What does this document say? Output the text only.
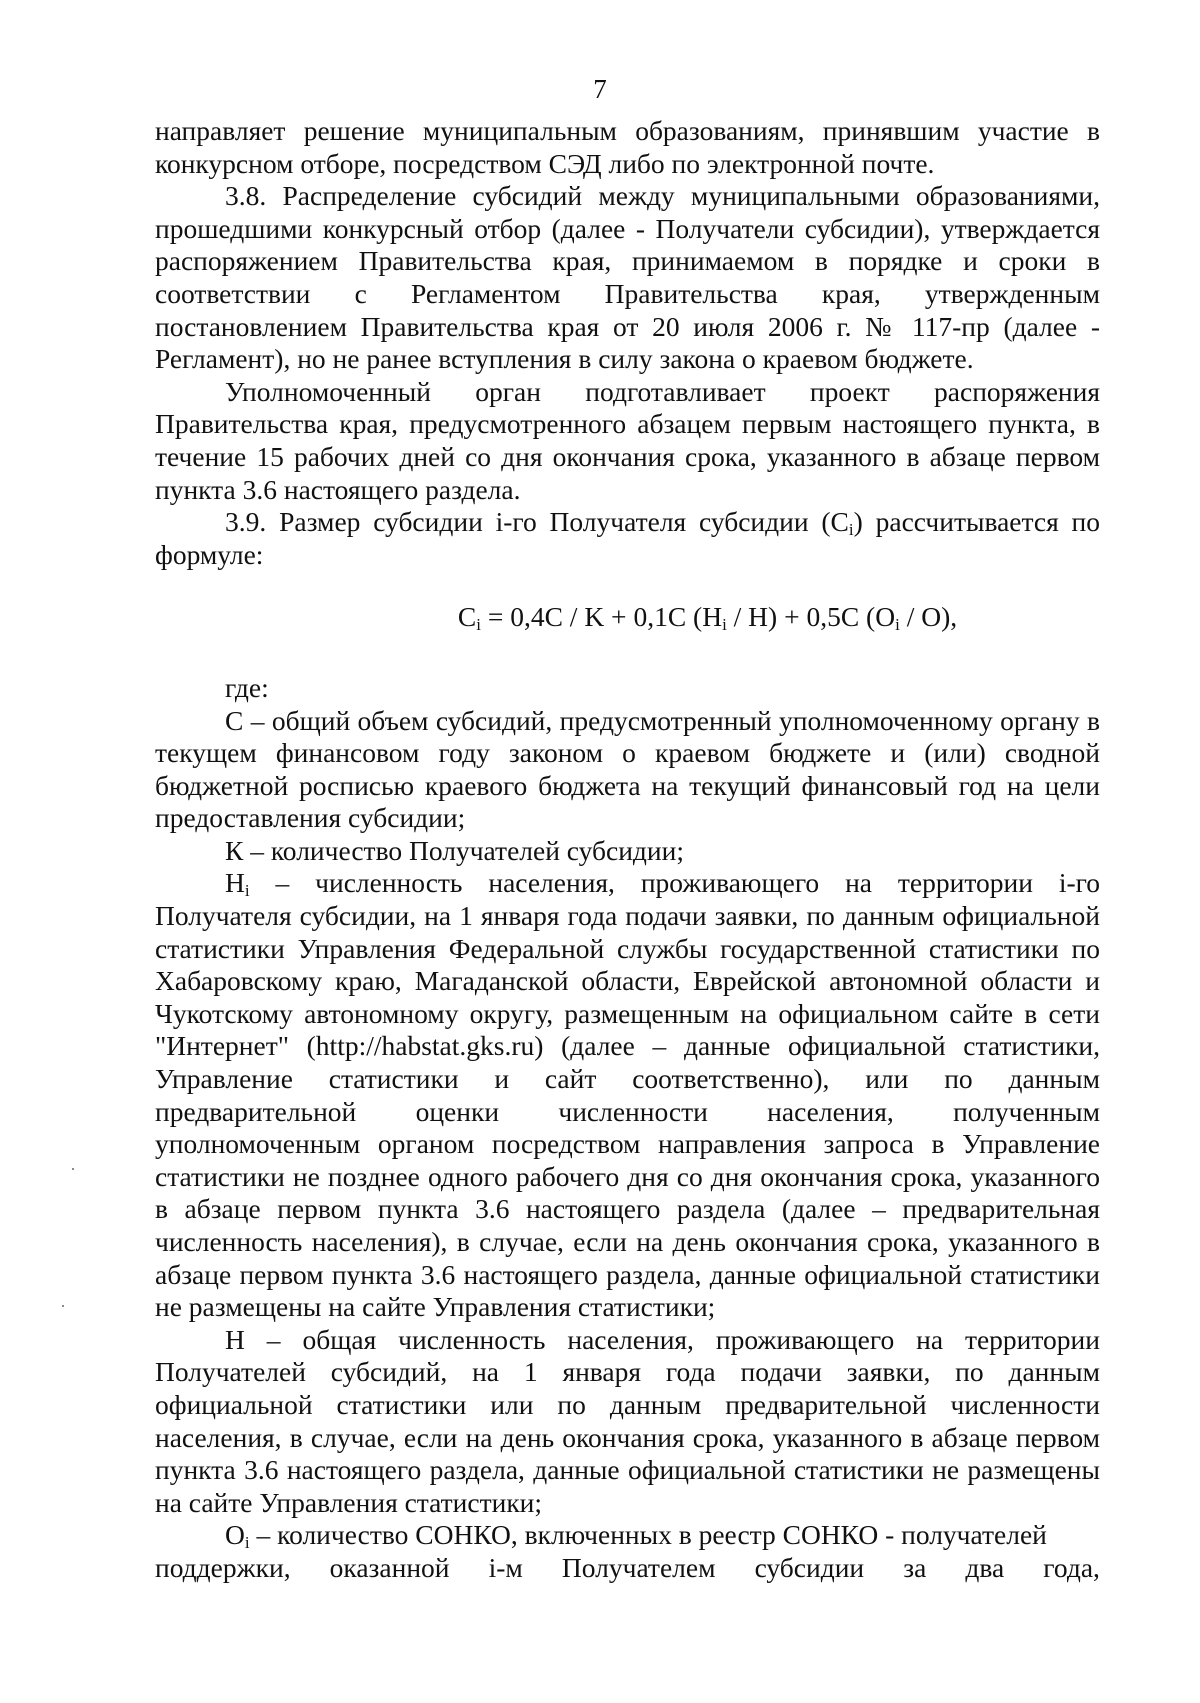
7

направляет решение муниципальным образованиям, принявшим участие в конкурсном отборе, посредством СЭД либо по электронной почте.

3.8. Распределение субсидий между муниципальными образованиями, прошедшими конкурсный отбор (далее - Получатели субсидии), утверждается распоряжением Правительства края, принимаемом в порядке и сроки в соответствии с Регламентом Правительства края, утвержденным постановлением Правительства края от 20 июля 2006 г. № 117-пр (далее - Регламент), но не ранее вступления в силу закона о краевом бюджете.

Уполномоченный орган подготавливает проект распоряжения Правительства края, предусмотренного абзацем первым настоящего пункта, в течение 15 рабочих дней со дня окончания срока, указанного в абзаце первом пункта 3.6 настоящего раздела.

3.9. Размер субсидии i-го Получателя субсидии $(C_i)$ рассчитывается по формуле:

$C_i = 0,4C / K + 0,1C$ $(H_i / H) + 0,5C$ $(O_i / O)$,

где:

С – общий объем субсидий, предусмотренный уполномоченному органу в текущем финансовом году законом о краевом бюджете и (или) сводной бюджетной росписью краевого бюджета на текущий финансовый год на цели предоставления субсидии;

К – количество Получателей субсидии;

$Н_i$ – численность населения, проживающего на территории i-го Получателя субсидии, на 1 января года подачи заявки, по данным официальной статистики Управления Федеральной службы государственной статистики по Хабаровскому краю, Магаданской области, Еврейской автономной области и Чукотскому автономному округу, размещенным на официальном сайте в сети "Интернет" (http://habstat.gks.ru) (далее – данные официальной статистики, Управление статистики и сайт соответственно), или по данным предварительной оценки численности населения, полученным уполномоченным органом посредством направления запроса в Управление статистики не позднее одного рабочего дня со дня окончания срока, указанного в абзаце первом пункта 3.6 настоящего раздела (далее – предварительная численность населения), в случае, если на день окончания срока, указанного в абзаце первом пункта 3.6 настоящего раздела, данные официальной статистики не размещены на сайте Управления статистики;

Н – общая численность населения, проживающего на территории Получателей субсидий, на 1 января года подачи заявки, по данным официальной статистики или по данным предварительной численности населения, в случае, если на день окончания срока, указанного в абзаце первом пункта 3.6 настоящего раздела, данные официальной статистики не размещены на сайте Управления статистики;

$О_i$ – количество СОНКО, включенных в реестр СОНКО - получателей

поддержки, оказанной i-м Получателем субсидии за два года,
